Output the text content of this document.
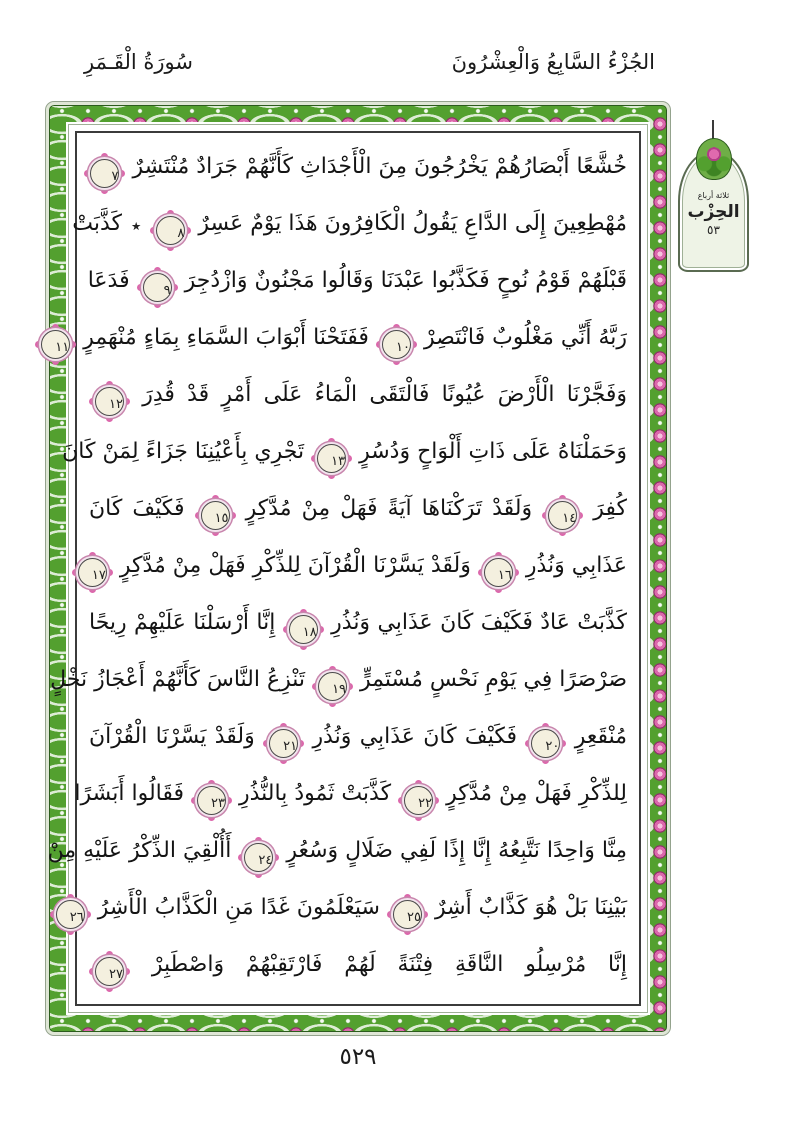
الجُزْءُ السَّابِعُ وَالْعِشْرُونَ
سُورَةُ الْقَـمَرِ
خُشَّعًا أَبْصَارُهُمْ يَخْرُجُونَ مِنَ الْأَجْدَاثِ كَأَنَّهُمْ جَرَادٌ مُنْتَشِرٌ ٧
مُهْطِعِينَ إِلَى الدَّاعِ يَقُولُ الْكَافِرُونَ هَذَا يَوْمٌ عَسِرٌ ٨ ٭ كَذَّبَتْ
قَبْلَهُمْ قَوْمُ نُوحٍ فَكَذَّبُوا عَبْدَنَا وَقَالُوا مَجْنُونٌ وَازْدُجِرَ ٩ فَدَعَا
رَبَّهُ أَنِّي مَغْلُوبٌ فَانْتَصِرْ ١٠ فَفَتَحْنَا أَبْوَابَ السَّمَاءِ بِمَاءٍ مُنْهَمِرٍ ١١
وَفَجَّرْنَا الْأَرْضَ عُيُونًا فَالْتَقَى الْمَاءُ عَلَى أَمْرٍ قَدْ قُدِرَ ١٢
وَحَمَلْنَاهُ عَلَى ذَاتِ أَلْوَاحٍ وَدُسُرٍ ١٣ تَجْرِي بِأَعْيُنِنَا جَزَاءً لِمَنْ كَانَ
كُفِرَ ١٤ وَلَقَدْ تَرَكْنَاهَا آيَةً فَهَلْ مِنْ مُدَّكِرٍ ١٥ فَكَيْفَ كَانَ
عَذَابِي وَنُذُرِ ١٦ وَلَقَدْ يَسَّرْنَا الْقُرْآنَ لِلذِّكْرِ فَهَلْ مِنْ مُدَّكِرٍ ١٧
كَذَّبَتْ عَادٌ فَكَيْفَ كَانَ عَذَابِي وَنُذُرِ ١٨ إِنَّا أَرْسَلْنَا عَلَيْهِمْ رِيحًا
صَرْصَرًا فِي يَوْمِ نَحْسٍ مُسْتَمِرٍّ ١٩ تَنْزِعُ النَّاسَ كَأَنَّهُمْ أَعْجَازُ نَخْلٍ
مُنْقَعِرٍ ٢٠ فَكَيْفَ كَانَ عَذَابِي وَنُذُرِ ٢١ وَلَقَدْ يَسَّرْنَا الْقُرْآنَ
لِلذِّكْرِ فَهَلْ مِنْ مُدَّكِرٍ ٢٢ كَذَّبَتْ ثَمُودُ بِالنُّذُرِ ٢٣ فَقَالُوا أَبَشَرًا
مِنَّا وَاحِدًا نَتَّبِعُهُ إِنَّا إِذًا لَفِي ضَلَالٍ وَسُعُرٍ ٢٤ أَأُلْقِيَ الذِّكْرُ عَلَيْهِ مِنْ
بَيْنِنَا بَلْ هُوَ كَذَّابٌ أَشِرٌ ٢٥ سَيَعْلَمُونَ غَدًا مَنِ الْكَذَّابُ الْأَشِرُ ٢٦
إِنَّا مُرْسِلُو النَّاقَةِ فِتْنَةً لَهُمْ فَارْتَقِبْهُمْ وَاصْطَبِرْ ٢٧
ثلاثة أرباع
الحِزْب
٥٣
٥٢٩
